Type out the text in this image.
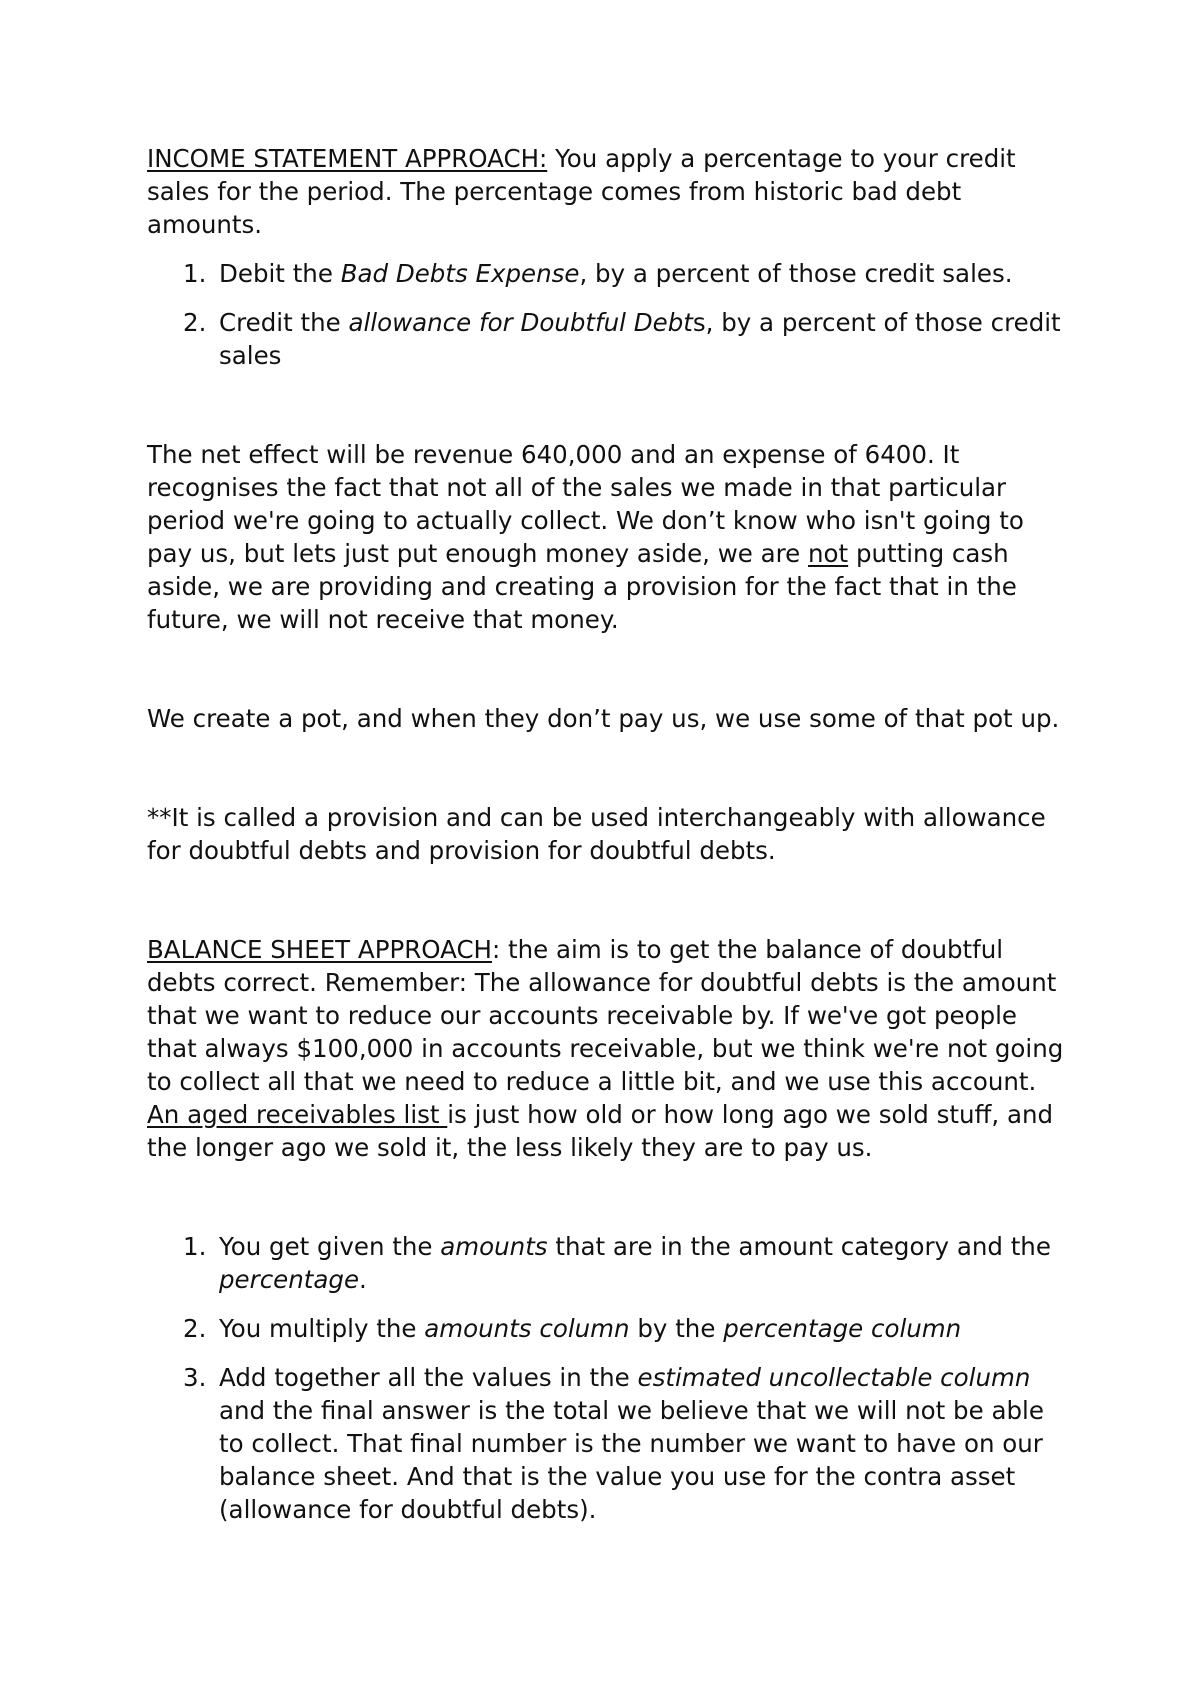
INCOME STATEMENT APPROACH: You apply a percentage to your credit sales for the period. The percentage comes from historic bad debt amounts.

1. Debit the Bad Debts Expense, by a percent of those credit sales.
2. Credit the allowance for Doubtful Debts, by a percent of those credit sales

The net effect will be revenue 640,000 and an expense of 6400. It recognises the fact that not all of the sales we made in that particular period we're going to actually collect. We don’t know who isn't going to pay us, but lets just put enough money aside, we are not putting cash aside, we are providing and creating a provision for the fact that in the future, we will not receive that money.

We create a pot, and when they don’t pay us, we use some of that pot up.

**It is called a provision and can be used interchangeably with allowance for doubtful debts and provision for doubtful debts.

BALANCE SHEET APPROACH: the aim is to get the balance of doubtful debts correct. Remember: The allowance for doubtful debts is the amount that we want to reduce our accounts receivable by. If we've got people that always $100,000 in accounts receivable, but we think we're not going to collect all that we need to reduce a little bit, and we use this account. An aged receivables list is just how old or how long ago we sold stuff, and the longer ago we sold it, the less likely they are to pay us.

1. You get given the amounts that are in the amount category and the percentage.
2. You multiply the amounts column by the percentage column
3. Add together all the values in the estimated uncollectable column and the final answer is the total we believe that we will not be able to collect. That final number is the number we want to have on our balance sheet. And that is the value you use for the contra asset (allowance for doubtful debts).
